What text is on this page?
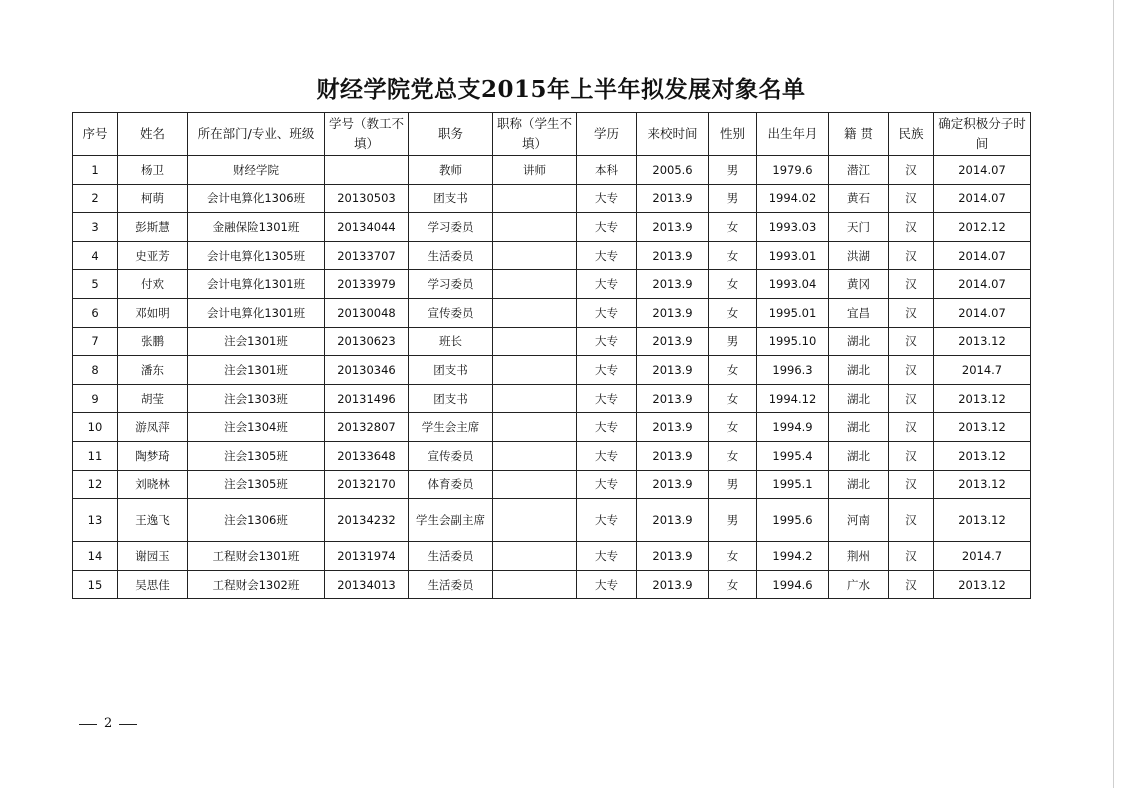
财经学院党总支2015年上半年拟发展对象名单
序号	姓名	所在部门/专业、班级	学号（教工不填）	职务	职称（学生不填）	学历	来校时间	性别	出生年月	籍 贯	民族	确定积极分子时间
1	杨卫	财经学院		教师	讲师	本科	2005.6	男	1979.6	潜江	汉	2014.07
2	柯萌	会计电算化1306班	20130503	团支书		大专	2013.9	男	1994.02	黄石	汉	2014.07
3	彭斯慧	金融保险1301班	20134044	学习委员		大专	2013.9	女	1993.03	天门	汉	2012.12
4	史亚芳	会计电算化1305班	20133707	生活委员		大专	2013.9	女	1993.01	洪湖	汉	2014.07
5	付欢	会计电算化1301班	20133979	学习委员		大专	2013.9	女	1993.04	黄冈	汉	2014.07
6	邓如明	会计电算化1301班	20130048	宣传委员		大专	2013.9	女	1995.01	宜昌	汉	2014.07
7	张鹏	注会1301班	20130623	班长		大专	2013.9	男	1995.10	湖北	汉	2013.12
8	潘东	注会1301班	20130346	团支书		大专	2013.9	女	1996.3	湖北	汉	2014.7
9	胡莹	注会1303班	20131496	团支书		大专	2013.9	女	1994.12	湖北	汉	2013.12
10	游凤萍	注会1304班	20132807	学生会主席		大专	2013.9	女	1994.9	湖北	汉	2013.12
11	陶梦琦	注会1305班	20133648	宣传委员		大专	2013.9	女	1995.4	湖北	汉	2013.12
12	刘晓林	注会1305班	20132170	体育委员		大专	2013.9	男	1995.1	湖北	汉	2013.12
13	王逸飞	注会1306班	20134232	学生会副主席		大专	2013.9	男	1995.6	河南	汉	2013.12
14	谢园玉	工程财会1301班	20131974	生活委员		大专	2013.9	女	1994.2	荆州	汉	2014.7
15	吴思佳	工程财会1302班	20134013	生活委员		大专	2013.9	女	1994.6	广水	汉	2013.12
2
